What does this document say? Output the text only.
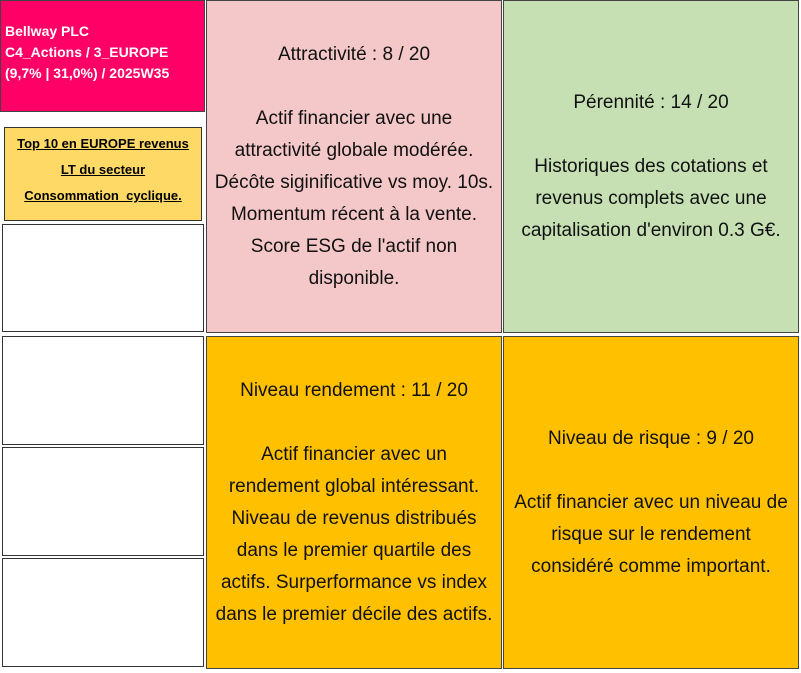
Bellway PLC
C4_Actions / 3_EUROPE
(9,7% | 31,0%) / 2025W35
Top 10 en EUROPE revenus
LT du secteur
Consommation_cyclique.

Attractivité : 8 / 20

Actif financier avec une

attractivité globale modérée.

Décôte siginificative vs moy. 10s.

Momentum récent à la vente.

Score ESG de l'actif non

disponible.

Pérennité : 14 / 20

Historiques des cotations et

revenus complets avec une

capitalisation d'environ 0.3 G€.

Niveau rendement : 11 / 20

Actif financier avec un

rendement global intéressant.

Niveau de revenus distribués

dans le premier quartile des

actifs. Surperformance vs index

dans le premier décile des actifs.

Niveau de risque : 9 / 20

Actif financier avec un niveau de

risque sur le rendement

considéré comme important.
